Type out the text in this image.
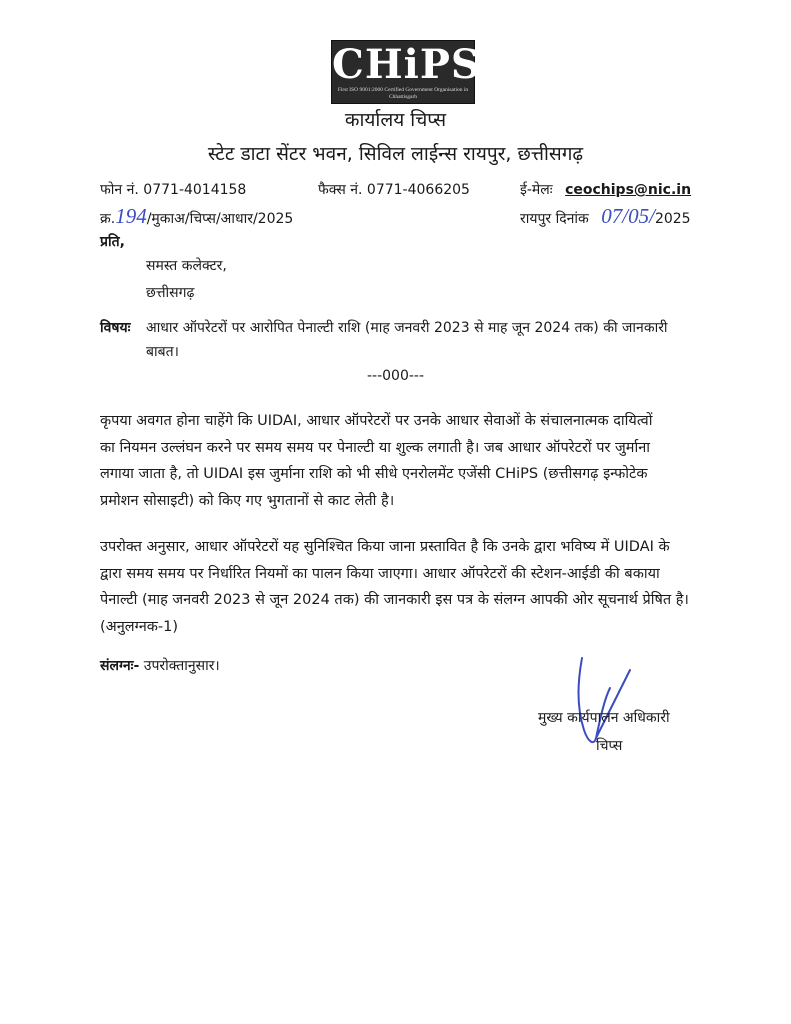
CHiPS
First ISO 9001:2000 Certified Government Organisation in Chhattisgarh
कार्यालय चिप्स
स्टेट डाटा सेंटर भवन, सिविल लाईन्स रायपुर, छत्तीसगढ़
फोन नं. 0771-4014158	फैक्स नं. 0771-4066205	ई-मेलः ceochips@nic.in
क्र.194/मुकाअ/चिप्स/आधार/2025	रायपुर दिनांक 07/05/2025
प्रति,
समस्त कलेक्टर,
छत्तीसगढ़
विषयः आधार ऑपरेटरों पर आरोपित पेनाल्टी राशि (माह जनवरी 2023 से माह जून 2024 तक) की जानकारी
बाबत।
---000---
कृपया अवगत होना चाहेंगे कि UIDAI, आधार ऑपरेटरों पर उनके आधार सेवाओं के संचालनात्मक दायित्वों
का नियमन उल्लंघन करने पर समय समय पर पेनाल्टी या शुल्क लगाती है। जब आधार ऑपरेटरों पर जुर्माना
लगाया जाता है, तो UIDAI इस जुर्माना राशि को भी सीधे एनरोलमेंट एजेंसी CHiPS (छत्तीसगढ़ इन्फोटेक
प्रमोशन सोसाइटी) को किए गए भुगतानों से काट लेती है।
उपरोक्त अनुसार, आधार ऑपरेटरों यह सुनिश्चित किया जाना प्रस्तावित है कि उनके द्वारा भविष्य में UIDAI के
द्वारा समय समय पर निर्धारित नियमों का पालन किया जाएगा। आधार ऑपरेटरों की स्टेशन-आईडी की बकाया
पेनाल्टी (माह जनवरी 2023 से जून 2024 तक) की जानकारी इस पत्र के संलग्न आपकी ओर सूचनार्थ प्रेषित है।
(अनुलग्नक-1)
संलग्नः- उपरोक्तानुसार।
मुख्य कार्यपालन अधिकारी
चिप्स
